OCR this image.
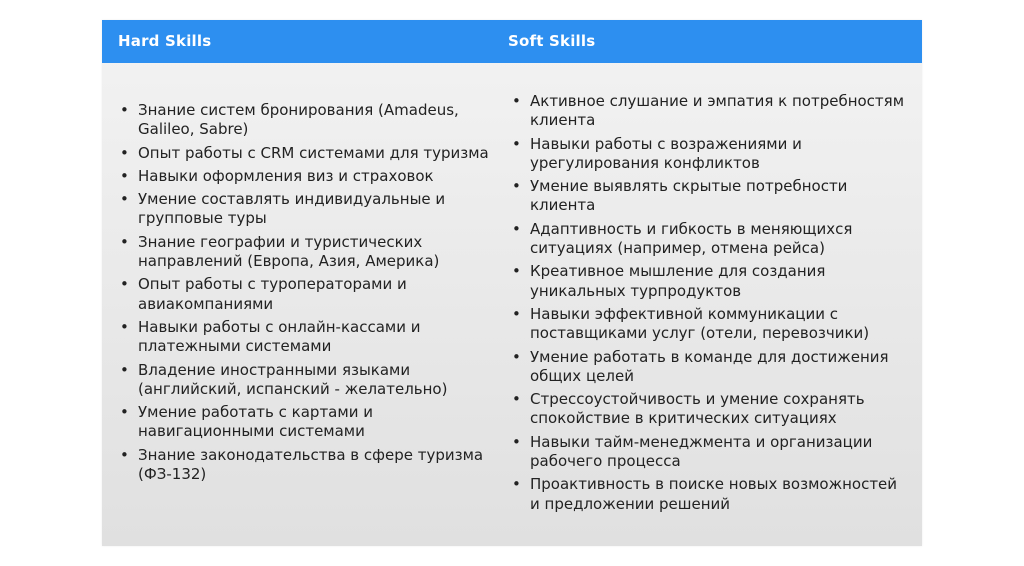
Hard Skills	Soft Skills
• Знание систем бронирования (Amadeus, Galileo, Sabre)
• Опыт работы с CRM системами для туризма
• Навыки оформления виз и страховок
• Умение составлять индивидуальные и групповые туры
• Знание географии и туристических направлений (Европа, Азия, Америка)
• Опыт работы с туроператорами и авиакомпаниями
• Навыки работы с онлайн-кассами и платежными системами
• Владение иностранными языками (английский, испанский - желательно)
• Умение работать с картами и навигационными системами
• Знание законодательства в сфере туризма (ФЗ-132)
• Активное слушание и эмпатия к потребностям клиента
• Навыки работы с возражениями и урегулирования конфликтов
• Умение выявлять скрытые потребности клиента
• Адаптивность и гибкость в меняющихся ситуациях (например, отмена рейса)
• Креативное мышление для создания уникальных турпродуктов
• Навыки эффективной коммуникации с поставщиками услуг (отели, перевозчики)
• Умение работать в команде для достижения общих целей
• Стрессоустойчивость и умение сохранять спокойствие в критических ситуациях
• Навыки тайм-менеджмента и организации рабочего процесса
• Проактивность в поиске новых возможностей и предложении решений
